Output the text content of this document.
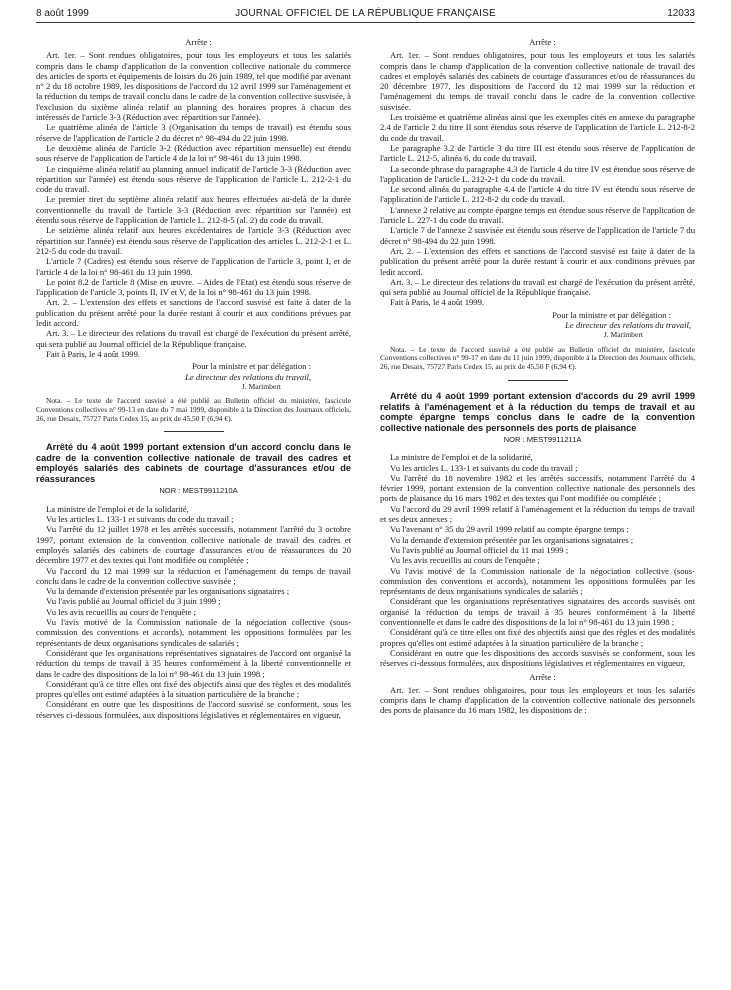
8 août 1999	JOURNAL OFFICIEL DE LA RÉPUBLIQUE FRANÇAISE	12033

Arrête :

Art. 1er. – Sont rendues obligatoires, pour tous les employeurs et tous les salariés compris dans le champ d'application de la convention collective nationale du commerce des articles de sports et équipements de loisirs du 26 juin 1989, tel que modifié par avenant n° 2 du 18 octobre 1989, les dispositions de l'accord du 12 avril 1999 sur l'aménagement et la réduction du temps de travail conclu dans le cadre de la convention collective susvisée, à l'exclusion du sixième alinéa relatif au planning des horaires propres à chacun des intéressés de l'article 3-3 (Réduction avec répartition sur l'année).

Le quatrième alinéa de l'article 3 (Organisation du temps de travail) est étendu sous réserve de l'application de l'article 2 du décret n° 98-494 du 22 juin 1998.

Le deuxième alinéa de l'article 3-2 (Réduction avec répartition mensuelle) est étendu sous réserve de l'application de l'article 4 de la loi n° 98-461 du 13 juin 1998.

Le cinquième alinéa relatif au planning annuel indicatif de l'article 3-3 (Réduction avec répartition sur l'année) est étendu sous réserve de l'application de l'article L. 212-2-1 du code du travail.

Le premier tiret du septième alinéa relatif aux heures effectuées au-delà de la durée conventionnelle du travail de l'article 3-3 (Réduction avec répartition sur l'année) est étendu sous réserve de l'application de l'article L. 212-8-5 (al. 2) du code du travail.

Le seizième alinéa relatif aux heures excédentaires de l'article 3-3 (Réduction avec répartition sur l'année) est étendu sous réserve de l'application des articles L. 212-2-1 et L. 212-5 du code du travail.

L'article 7 (Cadres) est étendu sous réserve de l'application de l'article 3, point I, et de l'article 4 de la loi n° 98-461 du 13 juin 1998.

Le point 8.2 de l'article 8 (Mise en œuvre. – Aides de l'Etat) est étendu sous réserve de l'application de l'article 3, points II, IV et V, de la loi n° 98-461 du 13 juin 1998.

Art. 2. – L'extension des effets et sanctions de l'accord susvisé est faite à dater de la publication du présent arrêté pour la durée restant à courir et aux conditions prévues par ledit accord.

Art. 3. – Le directeur des relations du travail est chargé de l'exécution du présent arrêté, qui sera publié au Journal officiel de la République française.

Fait à Paris, le 4 août 1999.

Pour la ministre et par délégation :

Le directeur des relations du travail,

J. Marimbert

Nota. – Le texte de l'accord susvisé a été publié au Bulletin officiel du ministère, fascicule Conventions collectives n° 99-13 en date du 7 mai 1999, disponible à la Direction des Journaux officiels, 26, rue Desaix, 75727 Paris Cedex 15, au prix de 45,50 F (6,94 €).

Arrêté du 4 août 1999 portant extension d'un accord conclu dans le cadre de la convention collective nationale de travail des cadres et employés salariés des cabinets de courtage d'assurances et/ou de réassurances

NOR : MEST9911210A

La ministre de l'emploi et de la solidarité,

Vu les articles L. 133-1 et suivants du code du travail ;

Vu l'arrêté du 12 juillet 1978 et les arrêtés successifs, notamment l'arrêté du 3 octobre 1997, portant extension de la convention collective nationale de travail des cadres et employés salariés des cabinets de courtage d'assurances et/ou de réassurances du 20 décembre 1977 et des textes qui l'ont modifiée ou complétée ;

Vu l'accord du 12 mai 1999 sur la réduction et l'aménagement du temps de travail conclu dans le cadre de la convention collective susvisée ;

Vu la demande d'extension présentée par les organisations signataires ;

Vu l'avis publié au Journal officiel du 3 juin 1999 ;

Vu les avis recueillis au cours de l'enquête ;

Vu l'avis motivé de la Commission nationale de la négociation collective (sous-commission des conventions et accords), notamment les oppositions formulées par les représentants de deux organisations syndicales de salariés ;

Considérant que les organisations représentatives signataires de l'accord ont organisé la réduction du temps de travail à 35 heures conformément à la liberté conventionnelle et dans le cadre des dispositions de la loi n° 98-461 du 13 juin 1998 ;

Considérant qu'à ce titre elles ont fixé des objectifs ainsi que des règles et des modalités propres qu'elles ont estimé adaptées à la situation particulière de la branche ;

Considérant en outre que les dispositions de l'accord susvisé se conforment, sous les réserves ci-dessous formulées, aux dispositions législatives et réglementaires en vigueur,

Arrête :

Art. 1er. – Sont rendues obligatoires, pour tous les employeurs et tous les salariés compris dans le champ d'application de la convention collective nationale de travail des cadres et employés salariés des cabinets de courtage d'assurances et/ou de réassurances du 20 décembre 1977, les dispositions de l'accord du 12 mai 1999 sur la réduction et l'aménagement du temps de travail conclu dans le cadre de la convention collective susvisée.

Les troisième et quatrième alinéas ainsi que les exemples cités en annexe du paragraphe 2.4 de l'article 2 du titre II sont étendus sous réserve de l'application de l'article L. 212-8-2 du code du travail.

Le paragraphe 3.2 de l'article 3 du titre III est étendu sous réserve de l'application de l'article L. 212-5, alinéa 6, du code du travail.

La seconde phrase du paragraphe 4.3 de l'article 4 du titre IV est étendue sous réserve de l'application de l'article L. 212-2-1 du code du travail.

Le second alinéa du paragraphe 4.4 de l'article 4 du titre IV est étendu sous réserve de l'application de l'article L. 212-8-2 du code du travail.

L'annexe 2 relative au compte épargne temps est étendue sous réserve de l'application de l'article L. 227-1 du code du travail.

L'article 7 de l'annexe 2 susvisée est étendu sous réserve de l'application de l'article 7 du décret n° 98-494 du 22 juin 1998.

Art. 2. – L'extension des effets et sanctions de l'accord susvisé est faite à dater de la publication du présent arrêté pour la durée restant à courir et aux conditions prévues par ledit accord.

Art. 3. – Le directeur des relations du travail est chargé de l'exécution du présent arrêté, qui sera publié au Journal officiel de la République française.

Fait à Paris, le 4 août 1999.

Pour la ministre et par délégation :

Le directeur des relations du travail,

J. Marimbert

Nota. – Le texte de l'accord susvisé a été publié au Bulletin officiel du ministère, fascicule Conventions collectives n° 99-17 en date du 11 juin 1999, disponible à la Direction des Journaux officiels, 26, rue Desaix, 75727 Paris Cedex 15, au prix de 45,50 F (6,94 €).

Arrêté du 4 août 1999 portant extension d'accords du 29 avril 1999 relatifs à l'aménagement et à la réduction du temps de travail et au compte épargne temps conclus dans le cadre de la convention collective nationale des personnels des ports de plaisance

NOR : MEST9911211A

La ministre de l'emploi et de la solidarité,

Vu les articles L. 133-1 et suivants du code du travail ;

Vu l'arrêté du 18 novembre 1982 et les arrêtés successifs, notamment l'arrêté du 4 février 1999, portant extension de la convention collective nationale des personnels des ports de plaisance du 16 mars 1982 et des textes qui l'ont modifiée ou complétée ;

Vu l'accord du 29 avril 1999 relatif à l'aménagement et la réduction du temps de travail et ses deux annexes ;

Vu l'avenant n° 35 du 29 avril 1999 relatif au compte épargne temps ;

Vu la demande d'extension présentée par les organisations signataires ;

Vu l'avis publié au Journal officiel du 11 mai 1999 ;

Vu les avis recueillis au cours de l'enquête ;

Vu l'avis motivé de la Commission nationale de la négociation collective (sous-commission des conventions et accords), notamment les oppositions formulées par les représentants de deux organisations syndicales de salariés ;

Considérant que les organisations représentatives signataires des accords susvisés ont organisé la réduction du temps de travail à 35 heures conformément à la liberté conventionnelle et dans le cadre des dispositions de la loi n° 98-461 du 13 juin 1998 ;

Considérant qu'à ce titre elles ont fixé des objectifs ainsi que des règles et des modalités propres qu'elles ont estimé adaptées à la situation particulière de la branche ;

Considérant en outre que les dispositions des accords susvisés se conforment, sous les réserves ci-dessous formulées, aux dispositions législatives et réglementaires en vigueur,

Arrête :

Art. 1er. – Sont rendues obligatoires, pour tous les employeurs et tous les salariés compris dans le champ d'application de la convention collective nationale des personnels des ports de plaisance du 16 mars 1982, les dispositions de :
